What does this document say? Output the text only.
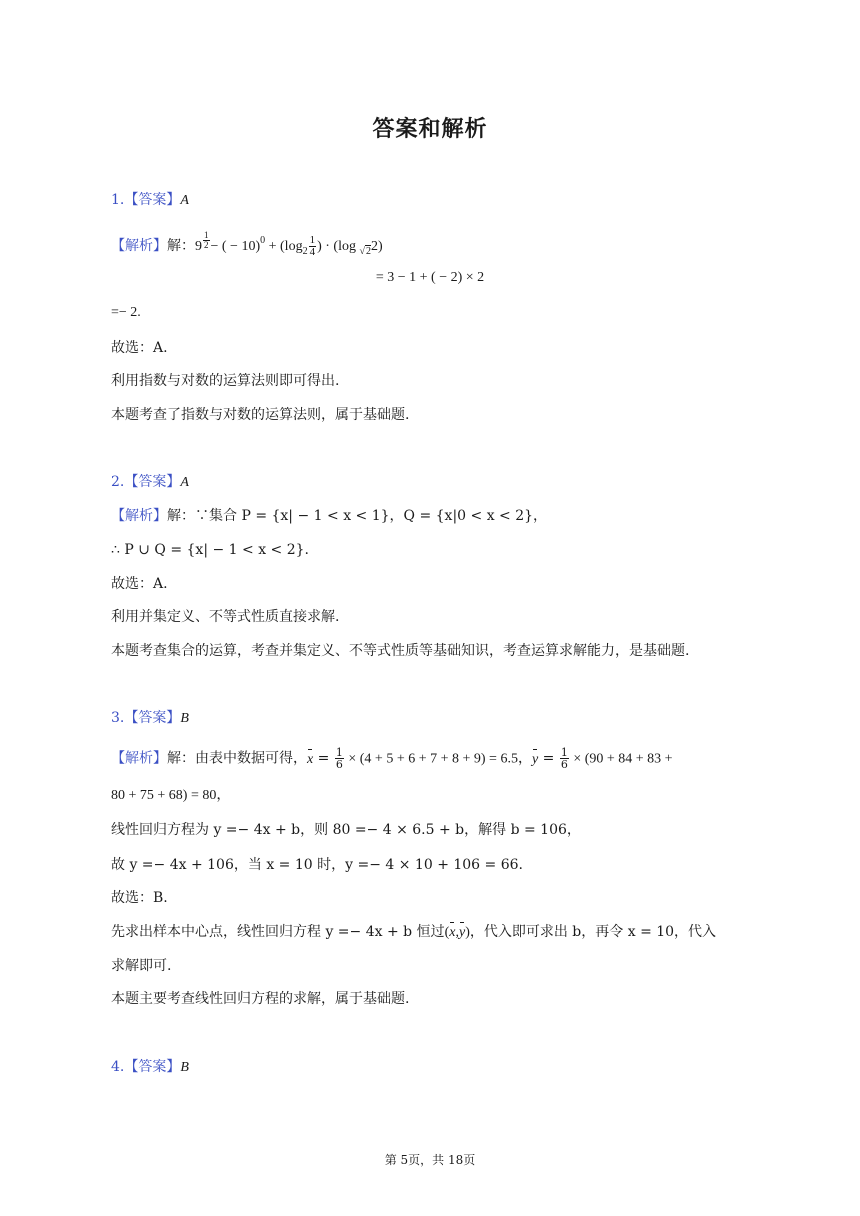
答案和解析
1.【答案】A
【解析】解：9 $^{\frac{1}{2}}$ − ( − $10)^0 + (\log_2 \frac{1}{4}$ ) · (log √22)
= 3 − 1 + ( − 2) × 2
=− 2.
故选：A.
利用指数与对数的运算法则即可得出.
本题考查了指数与对数的运算法则，属于基础题.
2.【答案】A
【解析】解：∵集合 P = {x| − 1 < x < 1}，Q = {x|0 < x < 2}，
∴ P ∪ Q = {x| − 1 < x < 2}.
故选：A.
利用并集定义、不等式性质直接求解.
本题考查集合的运算，考查并集定义、不等式性质等基础知识，考查运算求解能力，是基础题.
3.【答案】B
【解析】解：由表中数据可得，$x = \frac{1}{6} \times (4 + 5 + 6 + 7 + 8 + 9) = 6.5$，$y = \frac{1}{6} \times (90 + 84 + 83$ +
80 + 75 + 68) = 80，
线性回归方程为 y =− 4x + b，则 80 =− 4 × 6.5 + b，解得 b = 106，
故 y =− 4x + 106，当 x = 10 时，y =− 4 × 10 + 106 = 66.
故选：B.
先求出样本中心点，线性回归方程 y =− 4x + b 恒过(x,y)，代入即可求出 b，再令 x = 10，代入
求解即可.
本题主要考查线性回归方程的求解，属于基础题.
4.【答案】B
第 5页，共 18页
